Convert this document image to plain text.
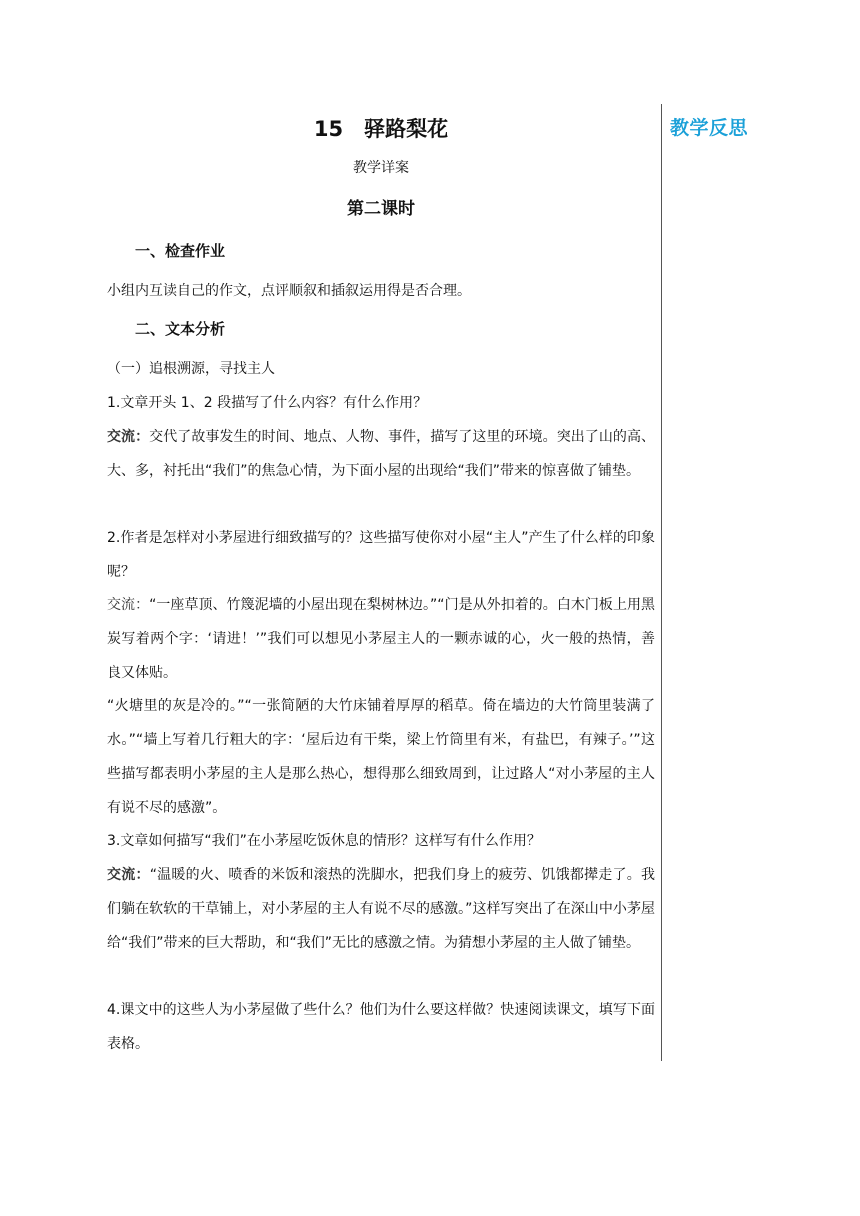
教学反思
15　驿路梨花
教学详案
第二课时
一、检查作业
小组内互读自己的作文，点评顺叙和插叙运用得是否合理。
二、文本分析
（一）追根溯源，寻找主人
1.文章开头 1、2 段描写了什么内容？有什么作用？
交流：交代了故事发生的时间、地点、人物、事件，描写了这里的环境。突出了山的高、大、多，衬托出“我们”的焦急心情，为下面小屋的出现给“我们”带来的惊喜做了铺垫。
2.作者是怎样对小茅屋进行细致描写的？这些描写使你对小屋“主人”产生了什么样的印象呢？
交流：“一座草顶、竹篾泥墙的小屋出现在梨树林边。”“门是从外扣着的。白木门板上用黑炭写着两个字：‘请进！’”我们可以想见小茅屋主人的一颗赤诚的心，火一般的热情，善良又体贴。
“火塘里的灰是冷的。”“一张简陋的大竹床铺着厚厚的稻草。倚在墙边的大竹筒里装满了水。”“墙上写着几行粗大的字：‘屋后边有干柴，梁上竹筒里有米，有盐巴，有辣子。’”这些描写都表明小茅屋的主人是那么热心，想得那么细致周到，让过路人“对小茅屋的主人有说不尽的感激”。
3.文章如何描写“我们”在小茅屋吃饭休息的情形？这样写有什么作用？
交流：“温暖的火、喷香的米饭和滚热的洗脚水，把我们身上的疲劳、饥饿都撵走了。我们躺在软软的干草铺上，对小茅屋的主人有说不尽的感激。”这样写突出了在深山中小茅屋给“我们”带来的巨大帮助，和“我们”无比的感激之情。为猜想小茅屋的主人做了铺垫。
4.课文中的这些人为小茅屋做了些什么？他们为什么要这样做？快速阅读课文，填写下面表格。
